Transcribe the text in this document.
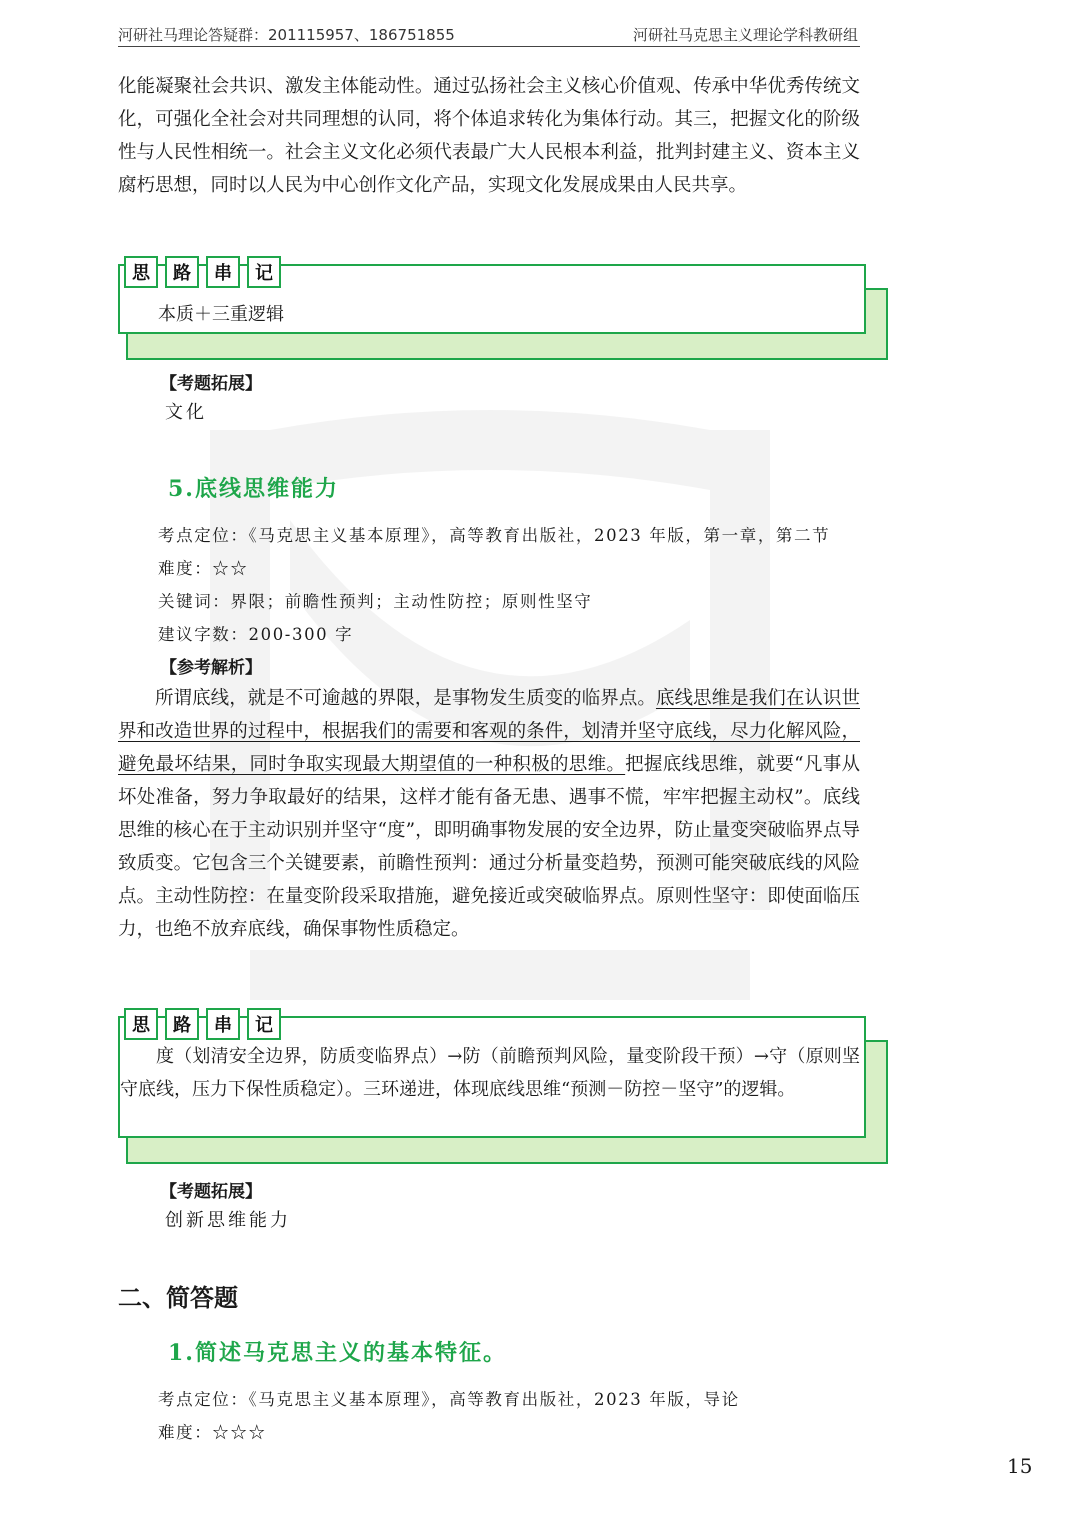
河研社马理论答疑群：201115957、186751855	河研社马克思主义理论学科教研组
化能凝聚社会共识、激发主体能动性。通过弘扬社会主义核心价值观、传承中华优秀传统文化，可强化全社会对共同理想的认同，将个体追求转化为集体行动。其三，把握文化的阶级性与人民性相统一。社会主义文化必须代表最广大人民根本利益，批判封建主义、资本主义腐朽思想，同时以人民为中心创作文化产品，实现文化发展成果由人民共享。
思	路	串	记
本质＋三重逻辑
【考题拓展】
文化
5.底线思维能力
考点定位：《马克思主义基本原理》，高等教育出版社，2023 年版，第一章，第二节
难度：☆☆
关键词：界限；前瞻性预判；主动性防控；原则性坚守
建议字数：200-300 字
【参考解析】
所谓底线，就是不可逾越的界限，是事物发生质变的临界点。底线思维是我们在认识世界和改造世界的过程中，根据我们的需要和客观的条件，划清并坚守底线，尽力化解风险，避免最坏结果，同时争取实现最大期望值的一种积极的思维。把握底线思维，就要“凡事从坏处准备，努力争取最好的结果，这样才能有备无患、遇事不慌，牢牢把握主动权”。底线思维的核心在于主动识别并坚守“度”，即明确事物发展的安全边界，防止量变突破临界点导致质变。它包含三个关键要素，前瞻性预判：通过分析量变趋势，预测可能突破底线的风险点。主动性防控：在量变阶段采取措施，避免接近或突破临界点。原则性坚守：即使面临压力，也绝不放弃底线，确保事物性质稳定。
思	路	串	记
度（划清安全边界，防质变临界点）→防（前瞻预判风险，量变阶段干预）→守（原则坚守底线，压力下保性质稳定）。三环递进，体现底线思维“预测－防控－坚守”的逻辑。
【考题拓展】
创新思维能力
二、简答题
1.简述马克思主义的基本特征。
考点定位：《马克思主义基本原理》，高等教育出版社，2023 年版，导论
难度：☆☆☆
15
